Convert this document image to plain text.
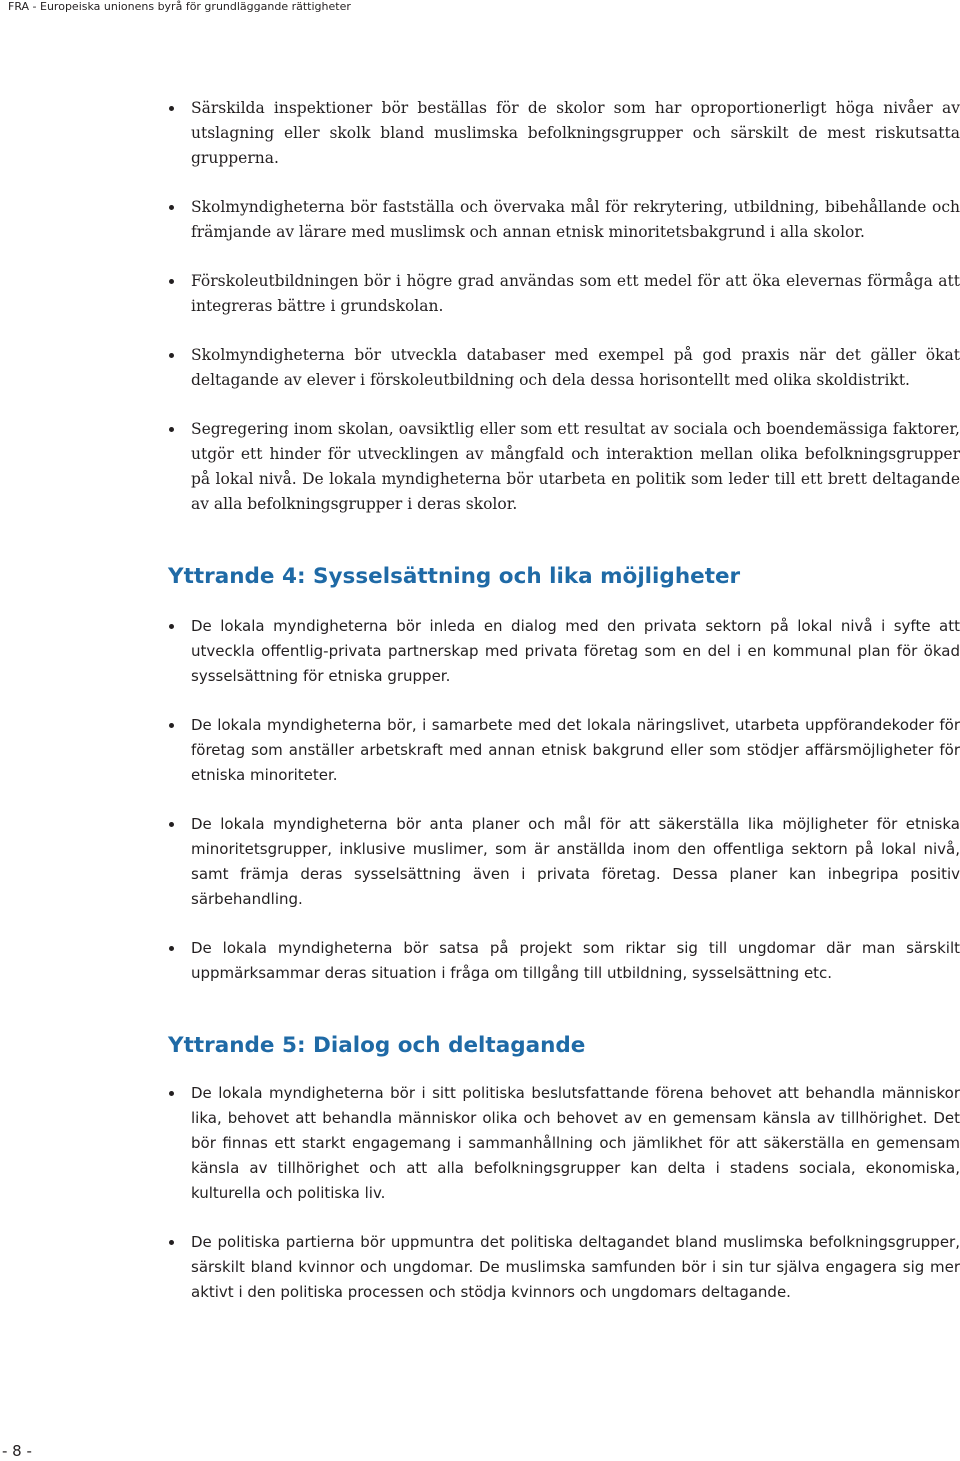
FRA - Europeiska unionens byrå för grundläggande rättigheter
Särskilda inspektioner bör beställas för de skolor som har oproportionerligt höga nivåer av utslagning eller skolk bland muslimska befolkningsgrupper och särskilt de mest riskutsatta grupperna.
Skolmyndigheterna bör fastställa och övervaka mål för rekrytering, utbildning, bibehållande och främjande av lärare med muslimsk och annan etnisk minoritetsbakgrund i alla skolor.
Förskoleutbildningen bör i högre grad användas som ett medel för att öka elevernas förmåga att integreras bättre i grundskolan.
Skolmyndigheterna bör utveckla databaser med exempel på god praxis när det gäller ökat deltagande av elever i förskoleutbildning och dela dessa horisontellt med olika skoldistrikt.
Segregering inom skolan, oavsiktlig eller som ett resultat av sociala och boendemässiga faktorer, utgör ett hinder för utvecklingen av mångfald och interaktion mellan olika befolkningsgrupper på lokal nivå. De lokala myndigheterna bör utarbeta en politik som leder till ett brett deltagande av alla befolkningsgrupper i deras skolor.
Yttrande 4: Sysselsättning och lika möjligheter
De lokala myndigheterna bör inleda en dialog med den privata sektorn på lokal nivå i syfte att utveckla offentlig-privata partnerskap med privata företag som en del i en kommunal plan för ökad sysselsättning för etniska grupper.
De lokala myndigheterna bör, i samarbete med det lokala näringslivet, utarbeta uppförandekoder för företag som anställer arbetskraft med annan etnisk bakgrund eller som stödjer affärsmöjligheter för etniska minoriteter.
De lokala myndigheterna bör anta planer och mål för att säkerställa lika möjligheter för etniska minoritetsgrupper, inklusive muslimer, som är anställda inom den offentliga sektorn på lokal nivå, samt främja deras sysselsättning även i privata företag. Dessa planer kan inbegripa positiv särbehandling.
De lokala myndigheterna bör satsa på projekt som riktar sig till ungdomar där man särskilt uppmärksammar deras situation i fråga om tillgång till utbildning, sysselsättning etc.
Yttrande 5: Dialog och deltagande
De lokala myndigheterna bör i sitt politiska beslutsfattande förena behovet att behandla människor lika, behovet att behandla människor olika och behovet av en gemensam känsla av tillhörighet. Det bör finnas ett starkt engagemang i sammanhållning och jämlikhet för att säkerställa en gemensam känsla av tillhörighet och att alla befolkningsgrupper kan delta i stadens sociala, ekonomiska, kulturella och politiska liv.
De politiska partierna bör uppmuntra det politiska deltagandet bland muslimska befolkningsgrupper, särskilt bland kvinnor och ungdomar. De muslimska samfunden bör i sin tur själva engagera sig mer aktivt i den politiska processen och stödja kvinnors och ungdomars deltagande.
- 8 -
